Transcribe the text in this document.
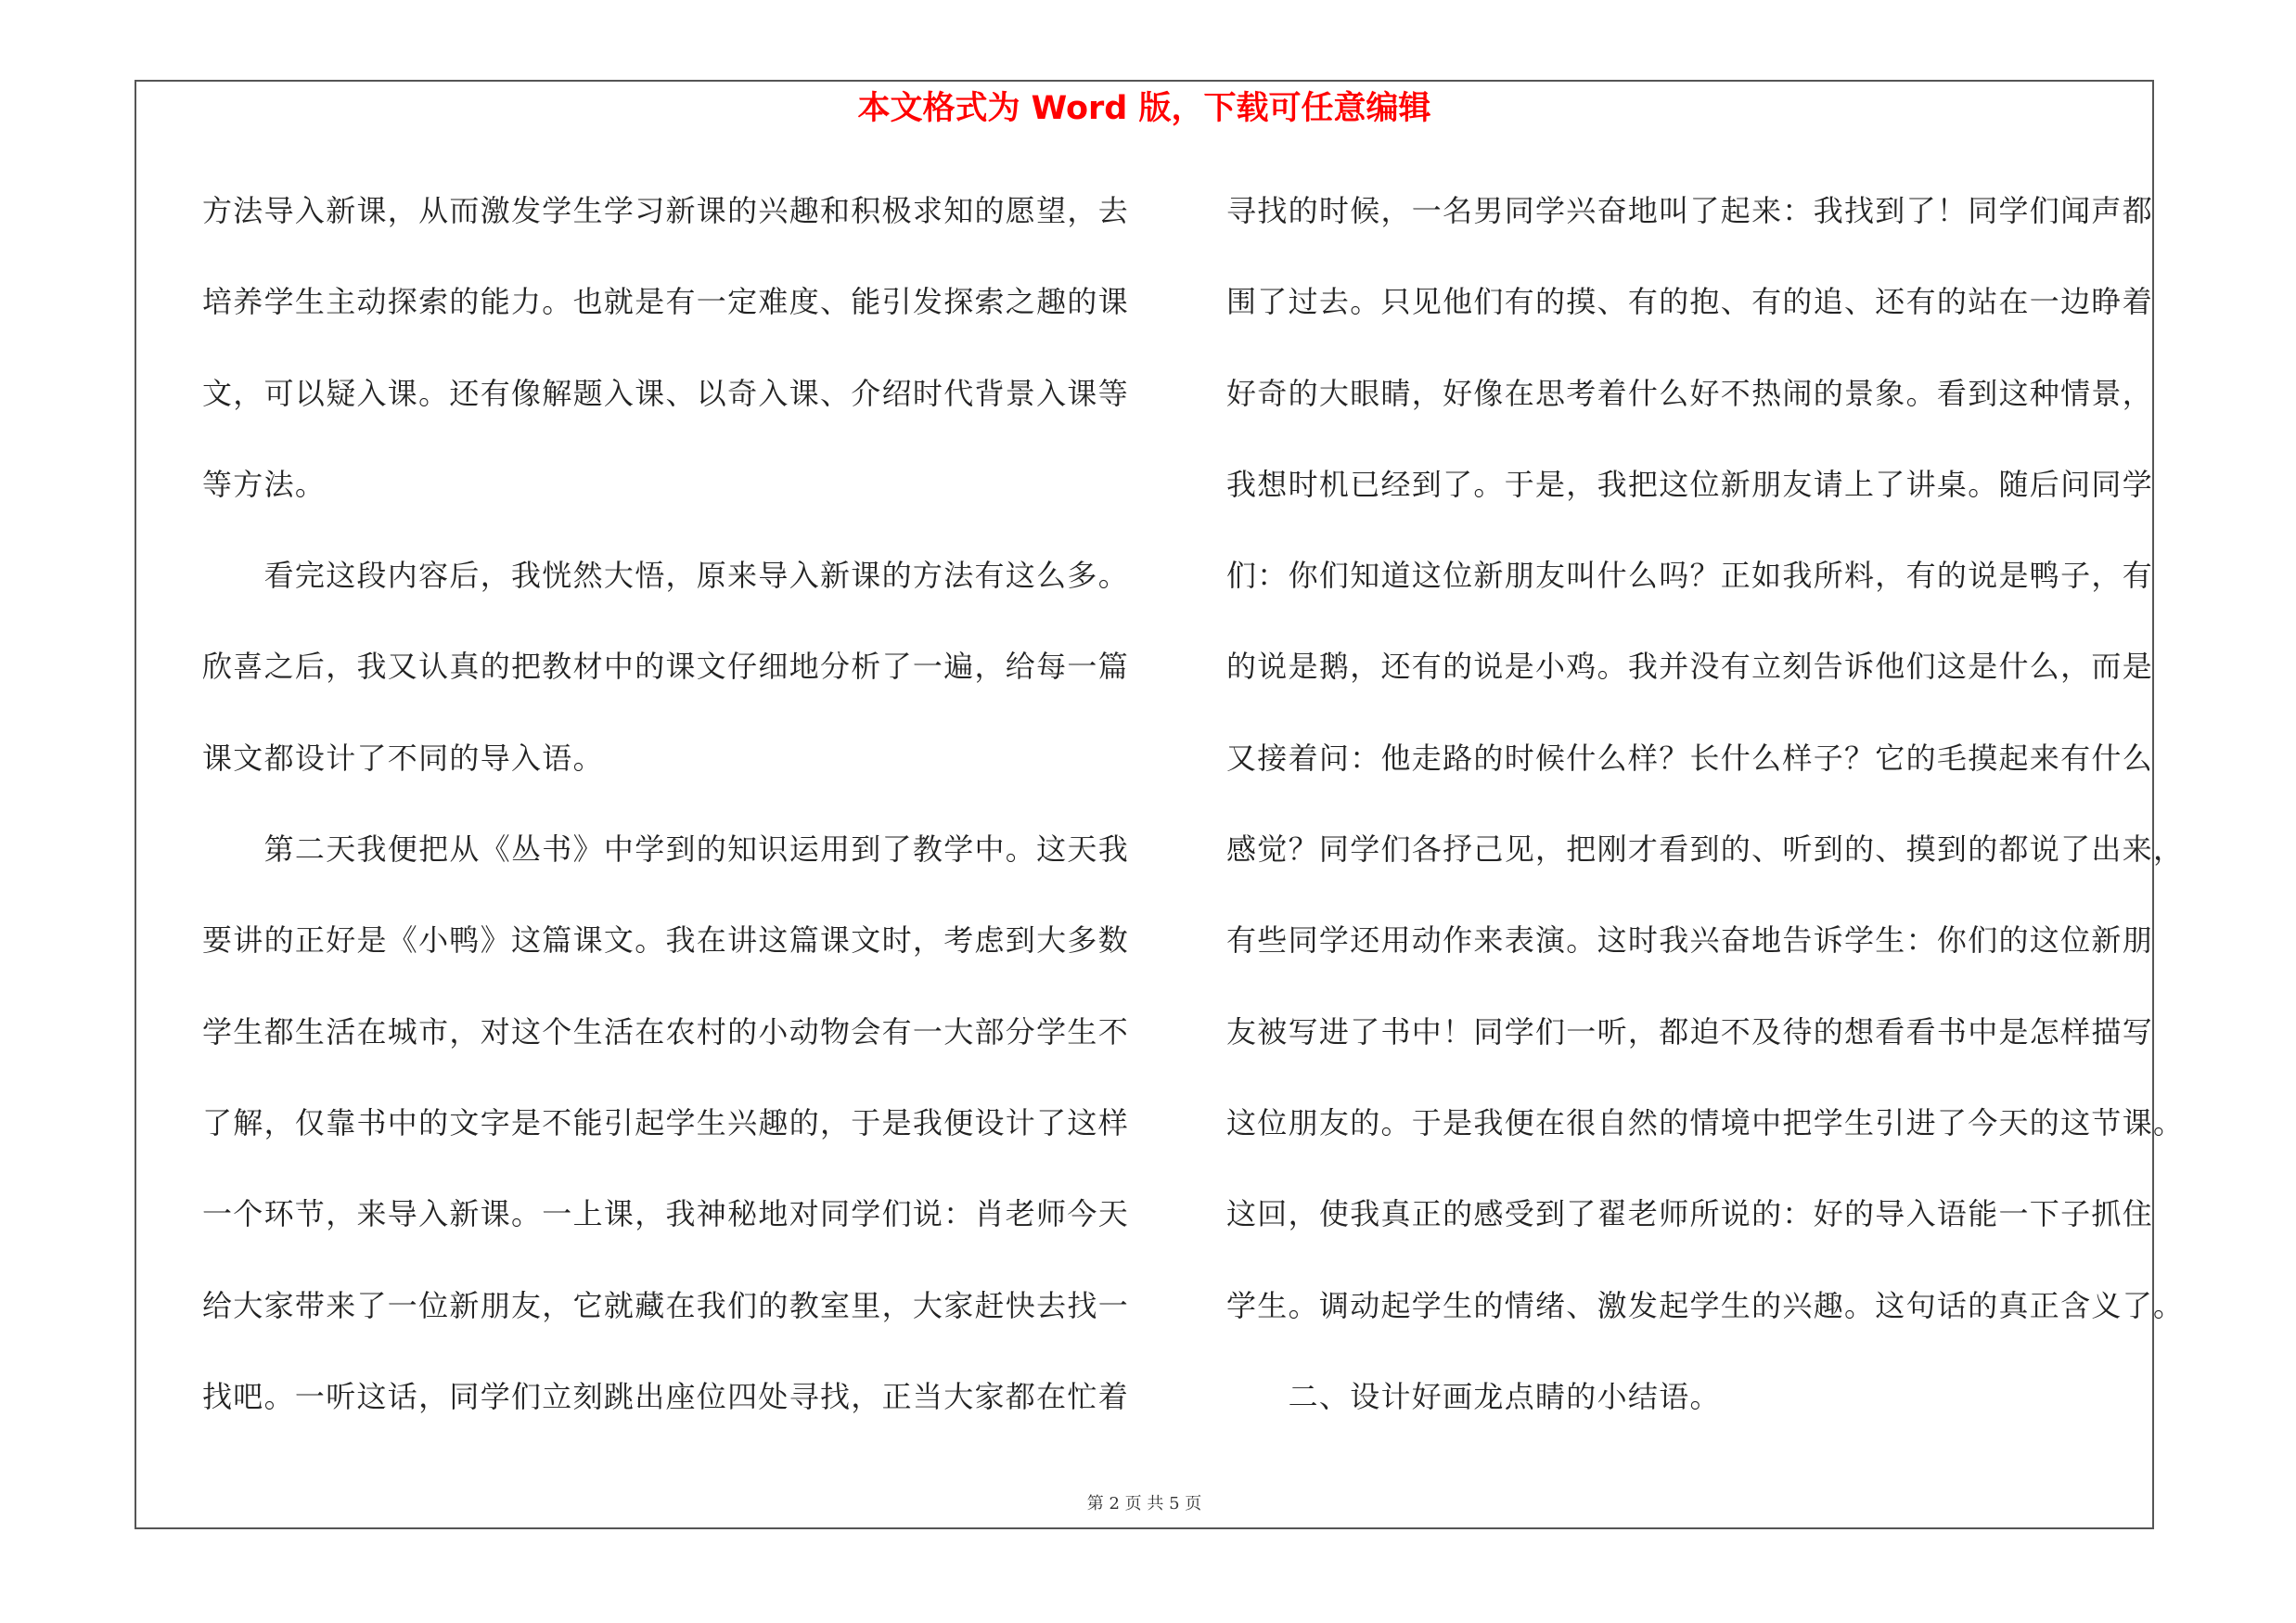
本文格式为 Word 版，下载可任意编辑
方法导入新课，从而激发学生学习新课的兴趣和积极求知的愿望，去
培养学生主动探索的能力。也就是有一定难度、能引发探索之趣的课
文，可以疑入课。还有像解题入课、以奇入课、介绍时代背景入课等
等方法。
　　看完这段内容后，我恍然大悟，原来导入新课的方法有这么多。
欣喜之后，我又认真的把教材中的课文仔细地分析了一遍，给每一篇
课文都设计了不同的导入语。
　　第二天我便把从《丛书》中学到的知识运用到了教学中。这天我
要讲的正好是《小鸭》这篇课文。我在讲这篇课文时，考虑到大多数
学生都生活在城市，对这个生活在农村的小动物会有一大部分学生不
了解，仅靠书中的文字是不能引起学生兴趣的，于是我便设计了这样
一个环节，来导入新课。一上课，我神秘地对同学们说：肖老师今天
给大家带来了一位新朋友，它就藏在我们的教室里，大家赶快去找一
找吧。一听这话，同学们立刻跳出座位四处寻找，正当大家都在忙着
寻找的时候，一名男同学兴奋地叫了起来：我找到了！同学们闻声都
围了过去。只见他们有的摸、有的抱、有的追、还有的站在一边睁着
好奇的大眼睛，好像在思考着什么好不热闹的景象。看到这种情景，
我想时机已经到了。于是，我把这位新朋友请上了讲桌。随后问同学
们：你们知道这位新朋友叫什么吗？正如我所料，有的说是鸭子，有
的说是鹅，还有的说是小鸡。我并没有立刻告诉他们这是什么，而是
又接着问：他走路的时候什么样？长什么样子？它的毛摸起来有什么
感觉？同学们各抒己见，把刚才看到的、听到的、摸到的都说了出来，
有些同学还用动作来表演。这时我兴奋地告诉学生：你们的这位新朋
友被写进了书中！同学们一听，都迫不及待的想看看书中是怎样描写
这位朋友的。于是我便在很自然的情境中把学生引进了今天的这节课。
这回，使我真正的感受到了翟老师所说的：好的导入语能一下子抓住
学生。调动起学生的情绪、激发起学生的兴趣。这句话的真正含义了。
　　二、设计好画龙点睛的小结语。
第 2 页 共 5 页
